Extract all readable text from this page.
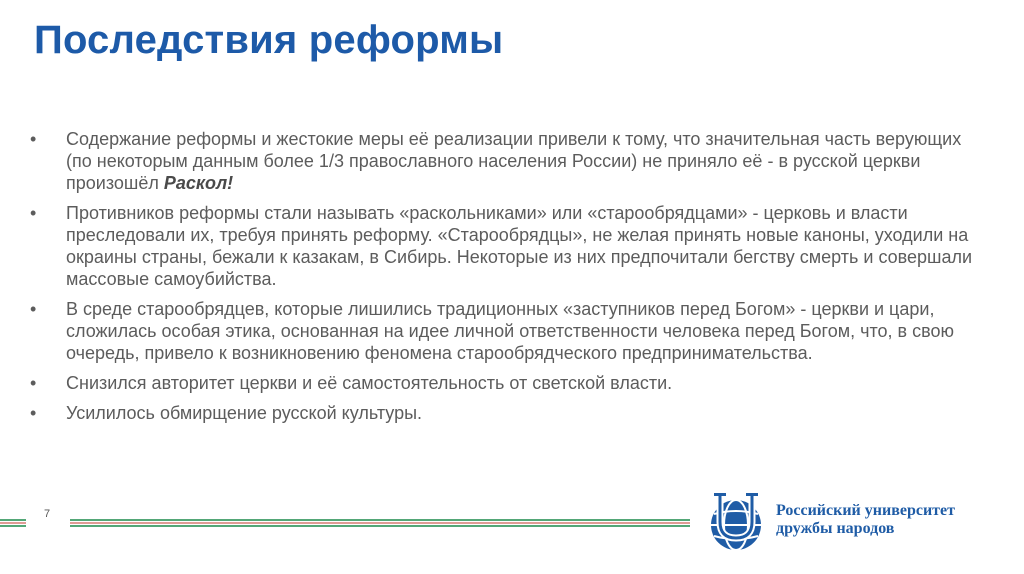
Последствия реформы
• Содержание реформы и жестокие меры её реализации привели к тому, что значительная часть верующих (по некоторым данным более 1/3 православного населения России) не приняло её - в русской церкви произошёл Раскол!
• Противников реформы стали называть «раскольниками» или «старообрядцами» - церковь и власти преследовали их, требуя принять реформу. «Старообрядцы», не желая принять новые каноны, уходили на окраины страны, бежали к казакам, в Сибирь. Некоторые из них предпочитали бегству смерть и совершали массовые самоубийства.
• В среде старообрядцев, которые лишились традиционных «заступников перед Богом» - церкви и цари, сложилась особая этика, основанная на идее личной ответственности человека перед Богом, что, в свою очередь, привело к возникновению феномена старообрядческого предпринимательства.
• Снизился авторитет церкви и её самостоятельность от светской власти.
• Усилилось обмирщение русской культуры.
7	Российский университет
дружбы народов
